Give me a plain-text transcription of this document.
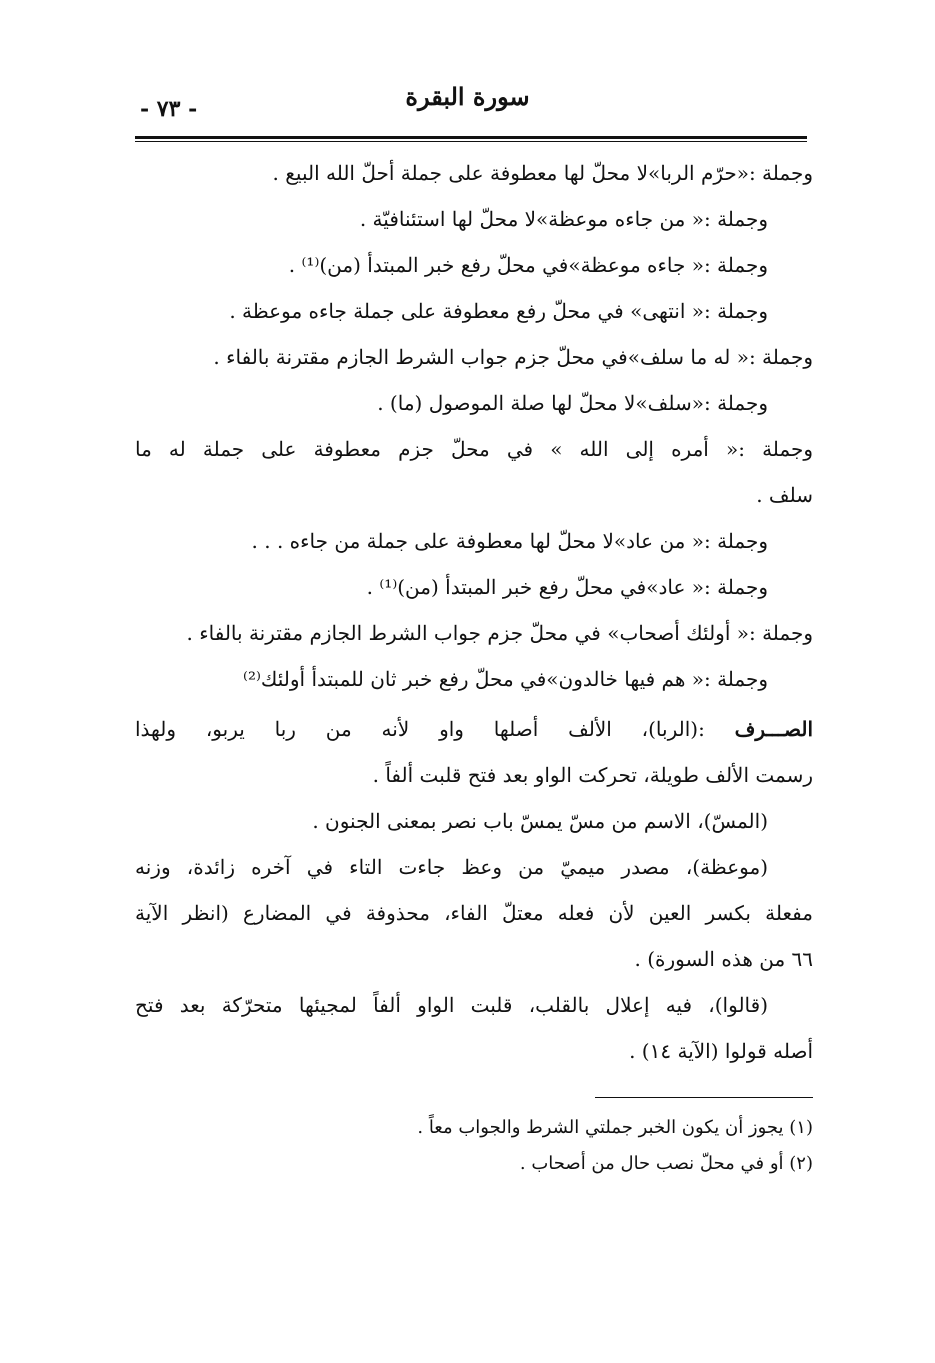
سورة البقرة
- ٧٣ -
وجملة :«حرّم الربا»لا محلّ لها معطوفة على جملة أحلّ الله البيع .
وجملة :« من جاءه موعظة»لا محلّ لها استئنافيّة .
وجملة :« جاءه موعظة»في محلّ رفع خبر المبتدأ (من)⁽¹⁾ .
وجملة :« انتهى» في محلّ رفع معطوفة على جملة جاءه موعظة .
وجملة :« له ما سلف»في محلّ جزم جواب الشرط الجازم مقترنة بالفاء .
وجملة :«سلف»لا محلّ لها صلة الموصول (ما) .
وجملة :« أمره إلى الله » في محلّ جزم معطوفة على جملة له ما
سلف .
وجملة :« من عاد»لا محلّ لها معطوفة على جملة من جاءه . . .
وجملة :« عاد»في محلّ رفع خبر المبتدأ (من)⁽¹⁾ .
وجملة :« أولئك أصحاب» في محلّ جزم جواب الشرط الجازم مقترنة بالفاء .
وجملة :« هم فيها خالدون»في محلّ رفع خبر ثان للمبتدأ أولئك⁽²⁾
الصـــرف :(الربا)، الألف أصلها واو لأنه من ربا يربو، ولهذا
رسمت الألف طويلة، تحركت الواو بعد فتح قلبت ألفاً .
(المسّ)، الاسم من مسّ يمسّ باب نصر بمعنى الجنون .
(موعظة)، مصدر ميميّ من وعظ جاءت التاء في آخره زائدة، وزنه
مفعلة بكسر العين لأن فعله معتلّ الفاء، محذوفة في المضارع (انظر الآية
٦٦ من هذه السورة) .
(قالوا)، فيه إعلال بالقلب، قلبت الواو ألفاً لمجيئها متحرّكة بعد فتح
أصله قولوا (الآية ١٤) .
(١) يجوز أن يكون الخبر جملتي الشرط والجواب معاً .
(٢) أو في محلّ نصب حال من أصحاب .
